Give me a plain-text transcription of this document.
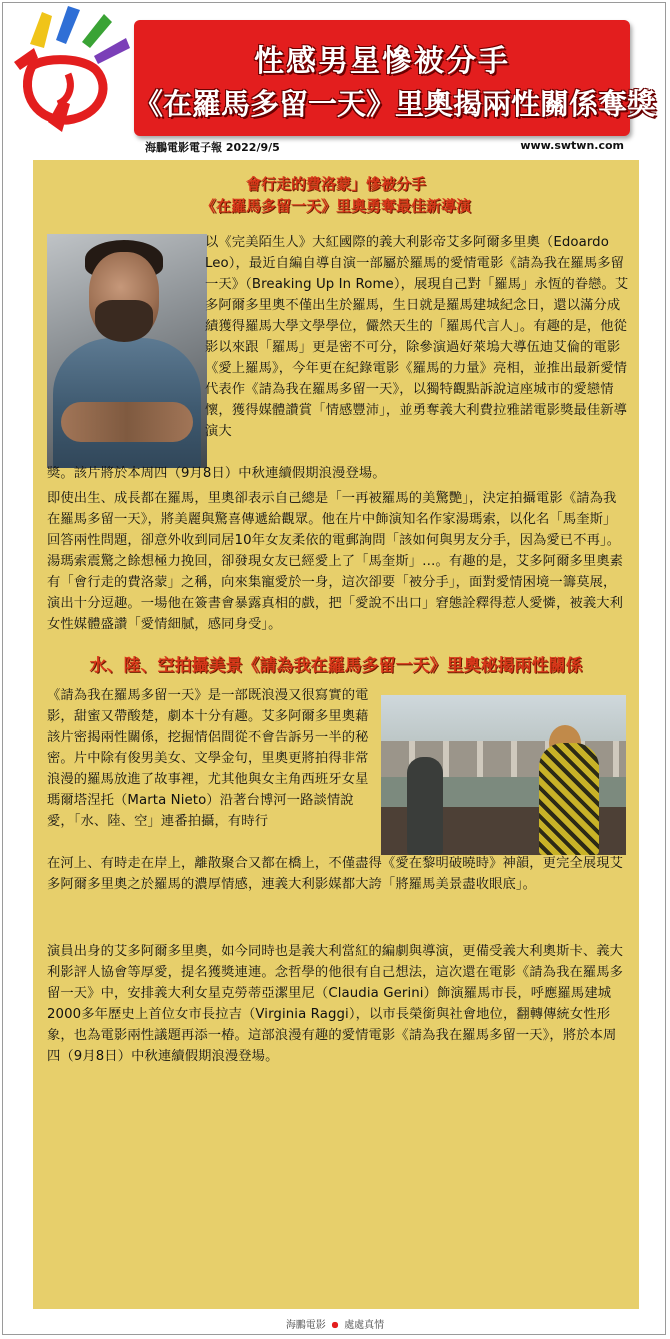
性感男星慘被分手
《在羅馬多留一天》里奧揭兩性關係奪獎
海鵬電影電子報 2022/9/5	www.swtwn.com
會行走的費洛蒙」慘被分手
《在羅馬多留一天》里奧勇奪最佳新導演

以《完美陌生人》大紅國際的義大利影帝艾多阿爾多里奧（Edoardo Leo），最近自編自導自演一部屬於羅馬的愛情電影《請為我在羅馬多留一天》（Breaking Up In Rome），展現自己對「羅馬」永恆的眷戀。艾多阿爾多里奧不僅出生於羅馬，生日就是羅馬建城紀念日，還以滿分成績獲得羅馬大學文學學位，儼然天生的「羅馬代言人」。有趣的是，他從影以來跟「羅馬」更是密不可分，除參演過好萊塢大導伍迪艾倫的電影《愛上羅馬》，今年更在紀錄電影《羅馬的力量》亮相，並推出最新愛情代表作《請為我在羅馬多留一天》，以獨特觀點訴說這座城市的愛戀情懷，獲得媒體讚賞「情感豐沛」，並勇奪義大利費拉雅諾電影獎最佳新導演大

獎。該片將於本周四（9月8日）中秋連續假期浪漫登場。

即使出生、成長都在羅馬，里奧卻表示自己總是「一再被羅馬的美驚艷」，決定拍攝電影《請為我在羅馬多留一天》，將美麗與驚喜傳遞給觀眾。他在片中飾演知名作家湯瑪索，以化名「馬奎斯」回答兩性問題，卻意外收到同居10年女友柔依的電郵詢問「該如何與男友分手，因為愛已不再」。湯瑪索震驚之餘想極力挽回，卻發現女友已經愛上了「馬奎斯」…。有趣的是，艾多阿爾多里奧素有「會行走的費洛蒙」之稱，向來集寵愛於一身，這次卻要「被分手」，面對愛情困境一籌莫展，演出十分逗趣。一場他在簽書會暴露真相的戲，把「愛說不出口」窘態詮釋得惹人愛憐，被義大利女性媒體盛讚「愛情細膩，感同身受」。

水、陸、空拍攝美景《請為我在羅馬多留一天》里奧秘揭兩性關係

《請為我在羅馬多留一天》是一部既浪漫又很寫實的電影，甜蜜又帶酸楚，劇本十分有趣。艾多阿爾多里奧藉該片密揭兩性關係，挖掘情侶間從不會告訴另一半的秘密。片中除有俊男美女、文學金句，里奧更將拍得非常浪漫的羅馬放進了故事裡，尤其他與女主角西班牙女星瑪爾塔涅托（Marta Nieto）沿著台博河一路談情說愛，「水、陸、空」連番拍攝，有時行

在河上、有時走在岸上，離散聚合又都在橋上，不僅盡得《愛在黎明破曉時》神韻，更完全展現艾多阿爾多里奧之於羅馬的濃厚情感，連義大利影媒都大誇「將羅馬美景盡收眼底」。

演員出身的艾多阿爾多里奧，如今同時也是義大利當紅的編劇與導演，更備受義大利奧斯卡、義大利影評人協會等厚愛，提名獲獎連連。念哲學的他很有自己想法，這次還在電影《請為我在羅馬多留一天》中，安排義大利女星克勞蒂亞潔里尼（Claudia Gerini）飾演羅馬市長，呼應羅馬建城2000多年歷史上首位女市長拉吉（Virginia Raggi），以市長榮銜與社會地位，翻轉傳統女性形象，也為電影兩性議題再添一椿。這部浪漫有趣的愛情電影《請為我在羅馬多留一天》，將於本周四（9月8日）中秋連續假期浪漫登場。

海鵬電影 處處真情
